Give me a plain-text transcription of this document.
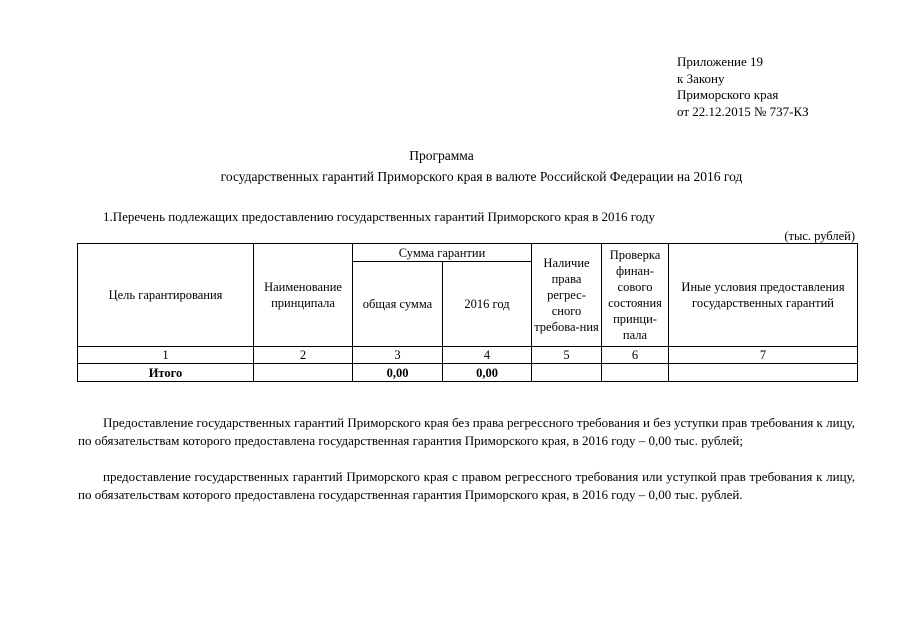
Приложение 19
к Закону
Приморского края
от 22.12.2015 № 737-КЗ
Программа
государственных гарантий Приморского края в валюте Российской Федерации на 2016 год
1.Перечень подлежащих предоставлению государственных гарантий Приморского края в 2016 году
(тыс. рублей)
Цель гарантирования	Наименование принципала	Сумма гарантии		Наличие права регрес-сного требова-ния	Проверка финан-сового состояния принци-пала	Иные условия предоставления государственных гарантий
		общая сумма	2016 год			
1	2	3	4	5	6	7
Итого		0,00	0,00			
Предоставление государственных гарантий Приморского края без права регрессного требования и без уступки прав требования к лицу, по обязательствам которого предоставлена государственная гарантия Приморского края, в 2016 году – 0,00 тыс. рублей;
предоставление государственных гарантий Приморского края с правом регрессного требования или уступкой прав требования к лицу, по обязательствам которого предоставлена государственная гарантия Приморского края, в 2016 году – 0,00 тыс. рублей.
